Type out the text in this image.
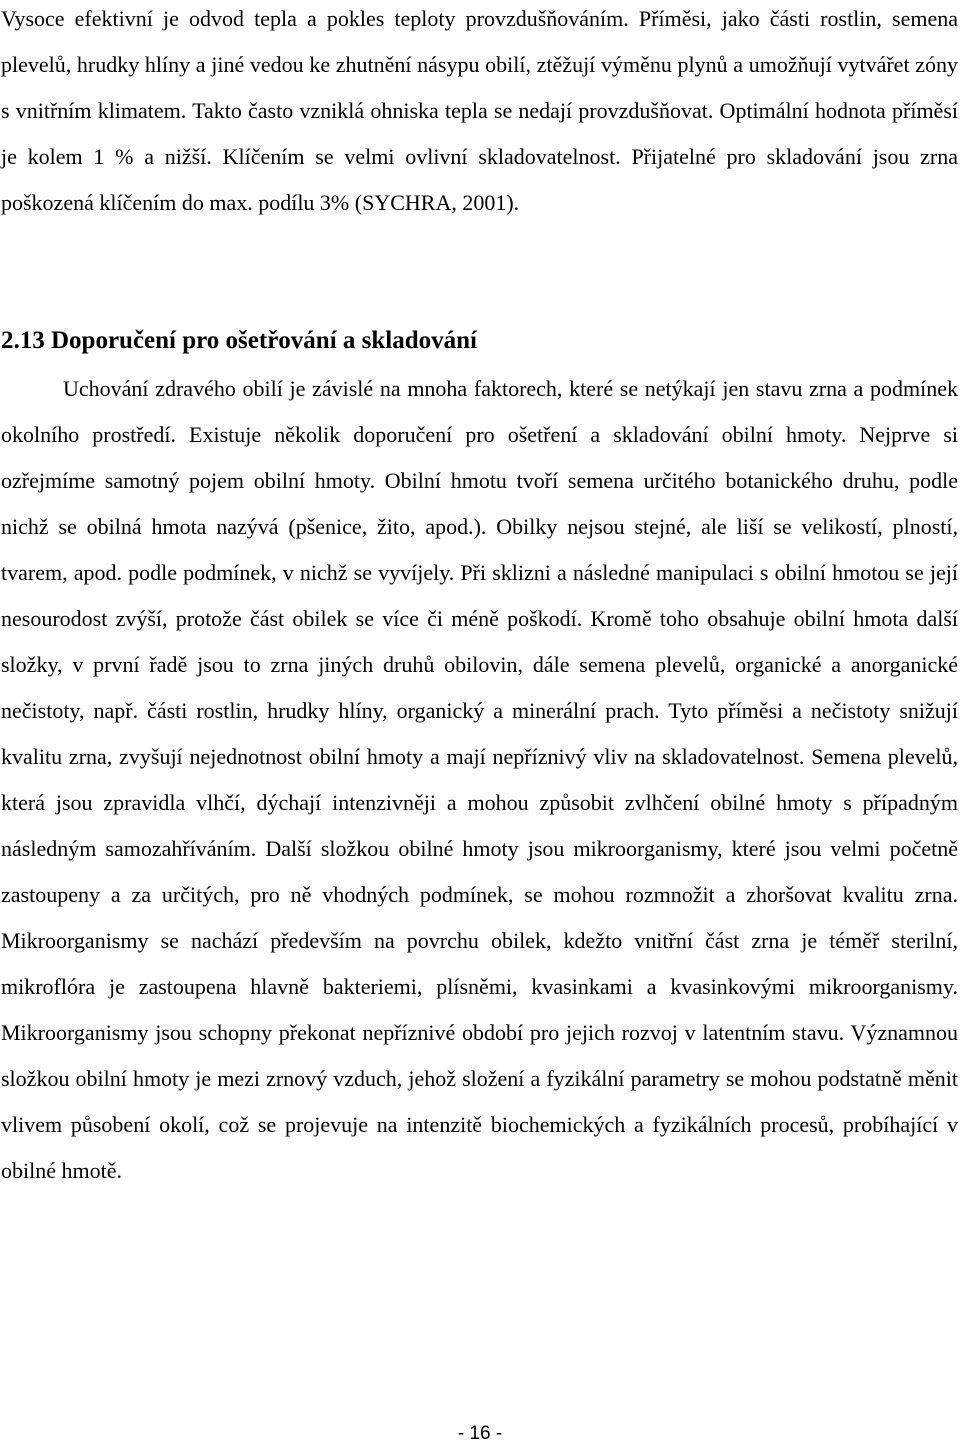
Vysoce efektivní je odvod tepla a pokles teploty provzdušňováním. Příměsi, jako části rostlin, semena plevelů, hrudky hlíny a jiné vedou ke zhutnění násypu obilí, ztěžují výměnu plynů a umožňují vytvářet zóny s vnitřním klimatem. Takto často vzniklá ohniska tepla se nedají provzdušňovat. Optimální hodnota příměsí je kolem 1 % a nižší. Klíčením se velmi ovlivní skladovatelnost. Přijatelné pro skladování jsou zrna poškozená klíčením do max. podílu 3% (SYCHRA, 2001).

2.13 Doporučení pro ošetřování a skladování

Uchování zdravého obilí je závislé na mnoha faktorech, které se netýkají jen stavu zrna a podmínek okolního prostředí. Existuje několik doporučení pro ošetření a skladování obilní hmoty. Nejprve si ozřejmíme samotný pojem obilní hmoty. Obilní hmotu tvoří semena určitého botanického druhu, podle nichž se obilná hmota nazývá (pšenice, žito, apod.). Obilky nejsou stejné, ale liší se velikostí, plností, tvarem, apod. podle podmínek, v nichž se vyvíjely. Při sklizni a následné manipulaci s obilní hmotou se její nesourodost zvýší, protože část obilek se více či méně poškodí. Kromě toho obsahuje obilní hmota další složky, v první řadě jsou to zrna jiných druhů obilovin, dále semena plevelů, organické a anorganické nečistoty, např. části rostlin, hrudky hlíny, organický a minerální prach. Tyto příměsi a nečistoty snižují kvalitu zrna, zvyšují nejednotnost obilní hmoty a mají nepříznivý vliv na skladovatelnost. Semena plevelů, která jsou zpravidla vlhčí, dýchají intenzivněji a mohou způsobit zvlhčení obilné hmoty s případným následným samozahříváním. Další složkou obilné hmoty jsou mikroorganismy, které jsou velmi početně zastoupeny a za určitých, pro ně vhodných podmínek, se mohou rozmnožit a zhoršovat kvalitu zrna. Mikroorganismy se nachází především na povrchu obilek, kdežto vnitřní část zrna je téměř sterilní, mikroflóra je zastoupena hlavně bakteriemi, plísněmi, kvasinkami a kvasinkovými mikroorganismy. Mikroorganismy jsou schopny překonat nepříznivé období pro jejich rozvoj v latentním stavu. Významnou složkou obilní hmoty je mezi zrnový vzduch, jehož složení a fyzikální parametry se mohou podstatně měnit vlivem působení okolí, což se projevuje na intenzitě biochemických a fyzikálních procesů, probíhající v obilné hmotě.

- 16 -
